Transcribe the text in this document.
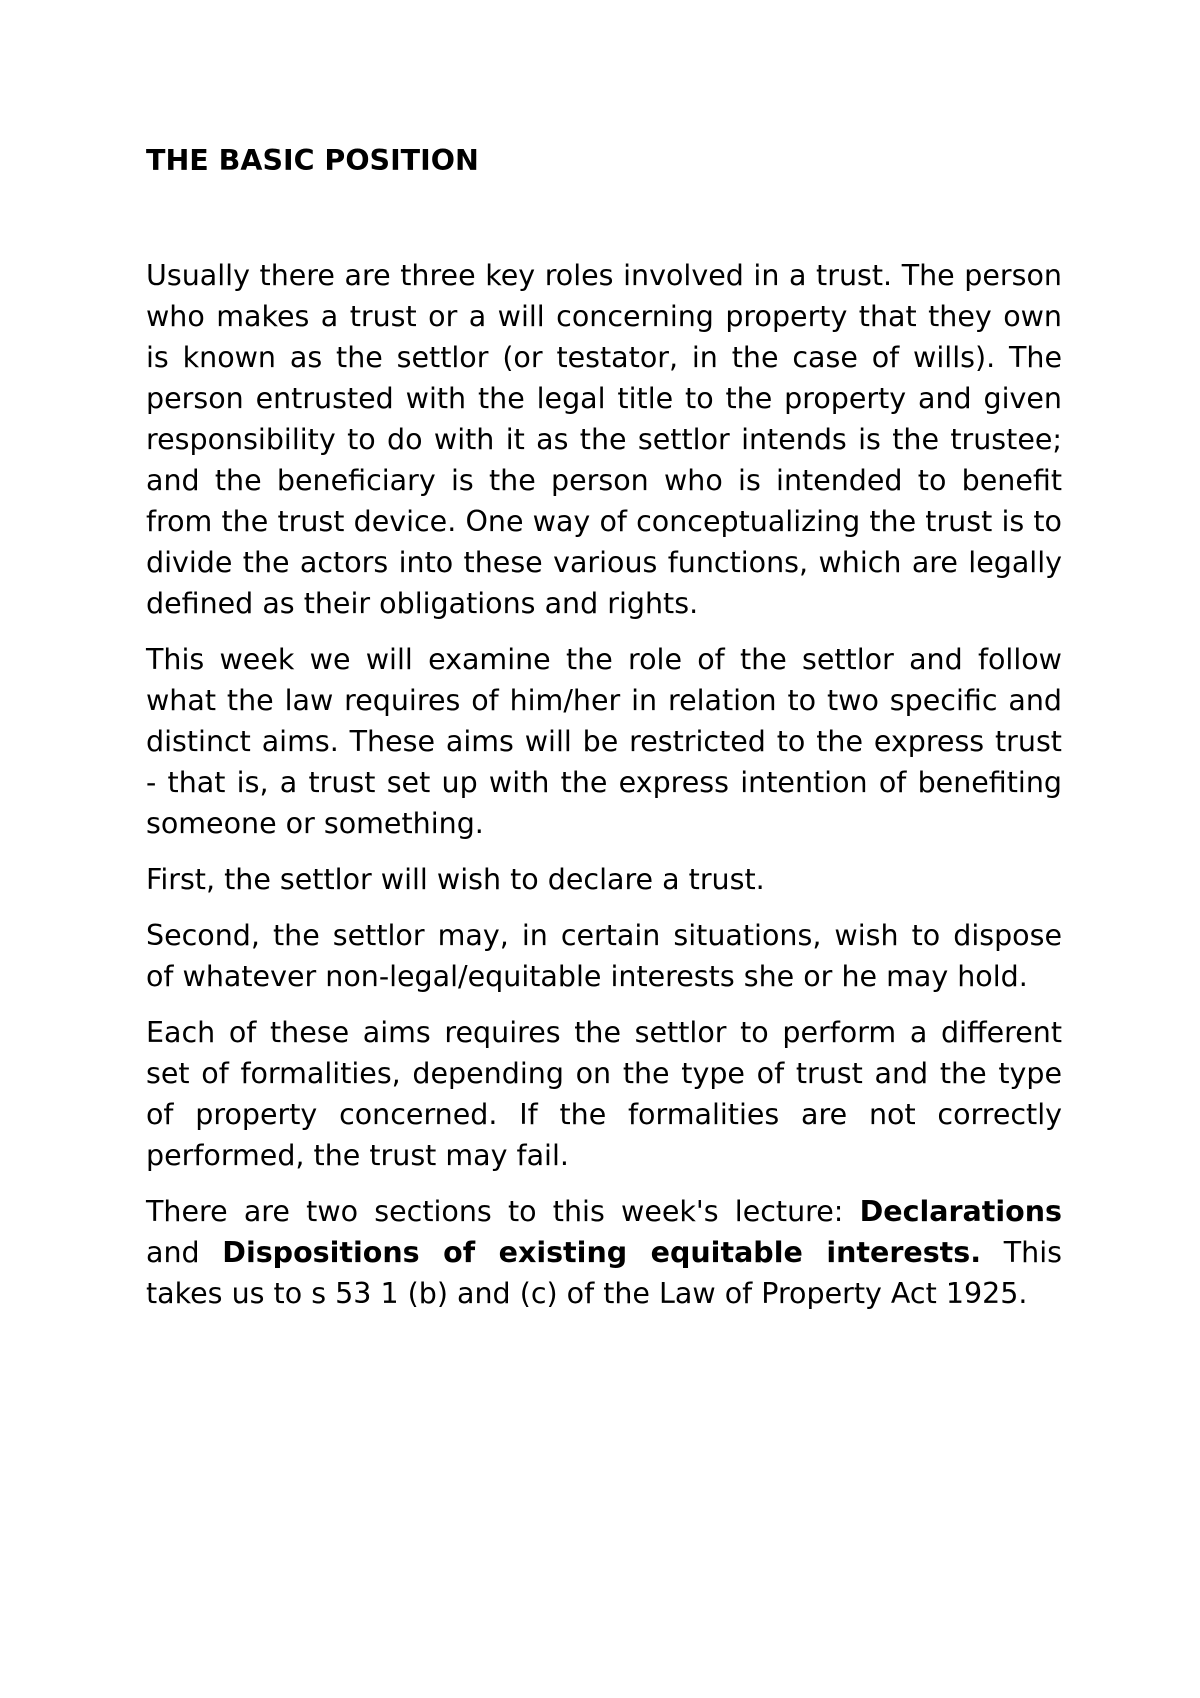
THE BASIC POSITION

Usually there are three key roles involved in a trust. The person who makes a trust or a will concerning property that they own is known as the settlor (or testator, in the case of wills). The person entrusted with the legal title to the property and given responsibility to do with it as the settlor intends is the trustee; and the beneficiary is the person who is intended to benefit from the trust device. One way of conceptualizing the trust is to divide the actors into these various functions, which are legally defined as their obligations and rights.

This week we will examine the role of the settlor and follow what the law requires of him/her in relation to two specific and distinct aims. These aims will be restricted to the express trust - that is, a trust set up with the express intention of benefiting someone or something.

First, the settlor will wish to declare a trust.

Second, the settlor may, in certain situations, wish to dispose of whatever non-legal/equitable interests she or he may hold.

Each of these aims requires the settlor to perform a different set of formalities, depending on the type of trust and the type of property concerned. If the formalities are not correctly performed, the trust may fail.

There are two sections to this week's lecture: Declarations and Dispositions of existing equitable interests. This takes us to s 53 1 (b) and (c) of the Law of Property Act 1925.
